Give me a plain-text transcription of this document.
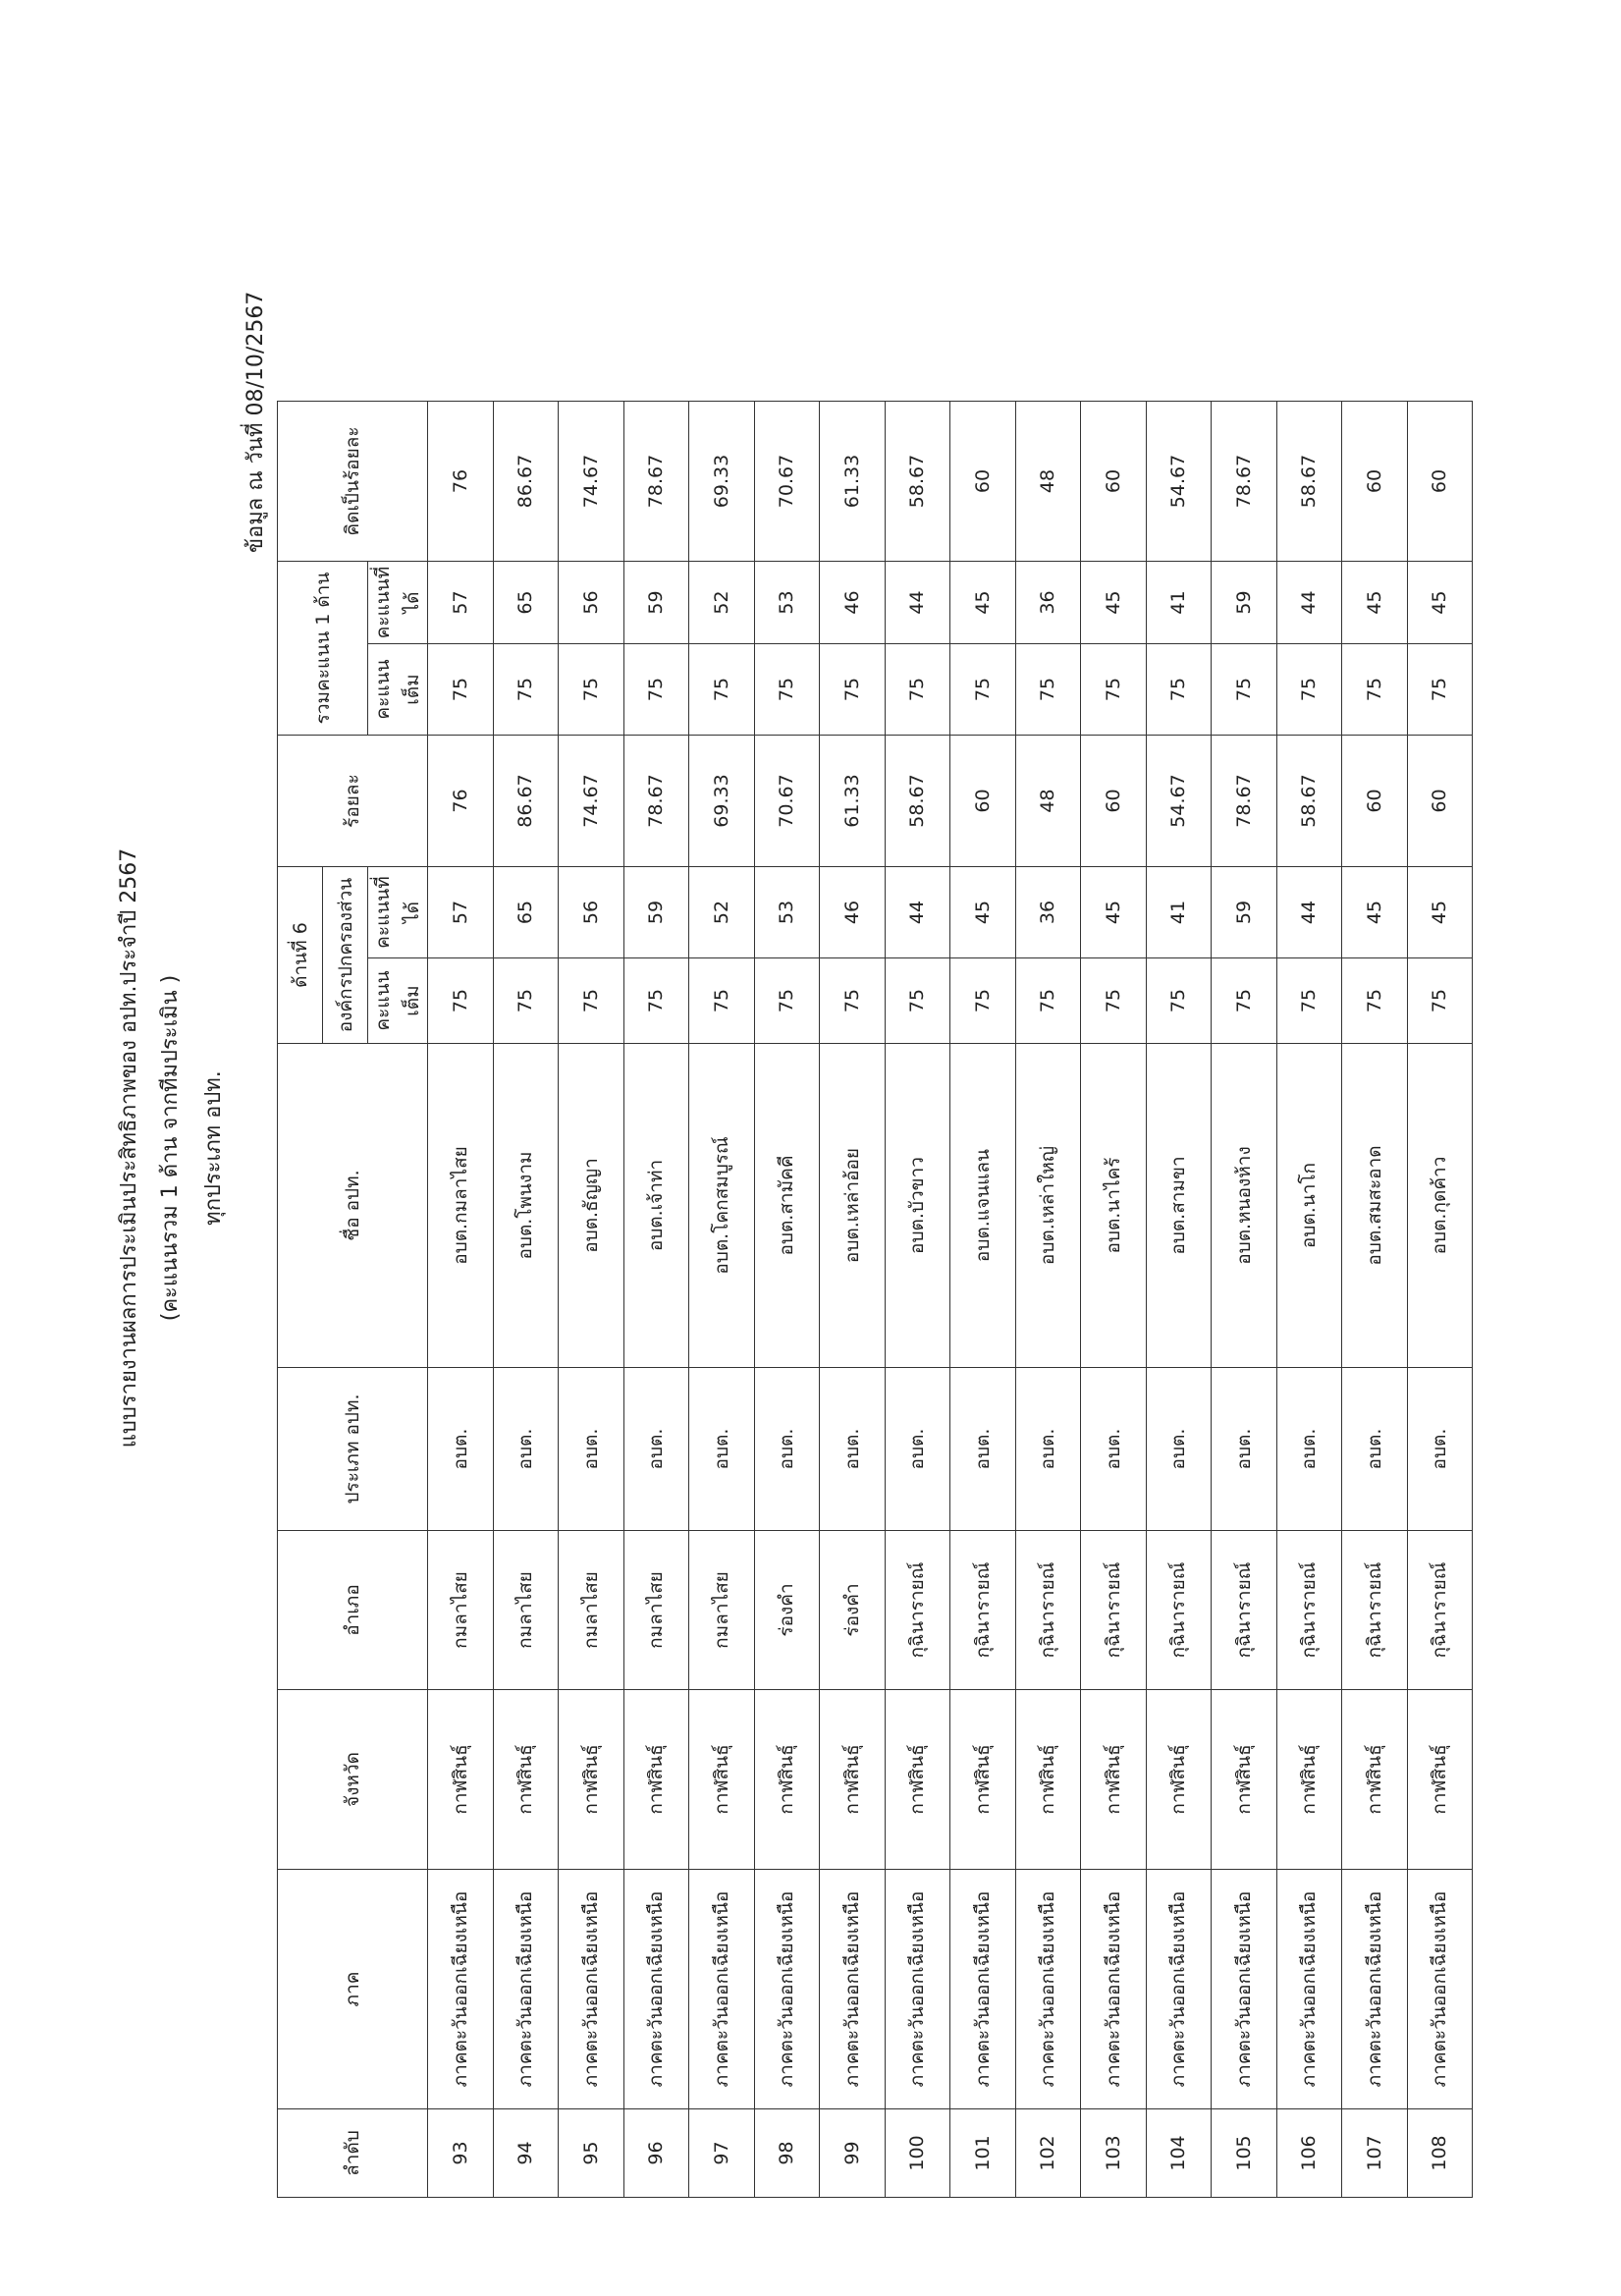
แบบรายงานผลการประเมินประสิทธิภาพของ อปท.ประจำปี 2567 (คะแนนรวม 1 ด้าน จากทีมประเมิน ) ทุกประเภท อปท.
ข้อมูล ณ วันที่ 08/10/2567
ลำดับ	ภาค	จังหวัด	อำเภอ	ประเภท อปท.	ชื่อ อปท.	ด้านที่ 6		ร้อยละ	รวมคะแนน 1 ด้าน		คิดเป็นร้อยละ
						องค์กรปกครองส่วน					
						คะแนนเต็ม	คะแนนที่ได้		คะแนนเต็ม	คะแนนที่ได้	
93	ภาคตะวันออกเฉียงเหนือ	กาฬสินธุ์	กมลาไสย	อบต.	อบต.กมลาไสย	75	57	76	75	57	76
94	ภาคตะวันออกเฉียงเหนือ	กาฬสินธุ์	กมลาไสย	อบต.	อบต.โพนงาม	75	65	86.67	75	65	86.67
95	ภาคตะวันออกเฉียงเหนือ	กาฬสินธุ์	กมลาไสย	อบต.	อบต.ธัญญา	75	56	74.67	75	56	74.67
96	ภาคตะวันออกเฉียงเหนือ	กาฬสินธุ์	กมลาไสย	อบต.	อบต.เจ้าท่า	75	59	78.67	75	59	78.67
97	ภาคตะวันออกเฉียงเหนือ	กาฬสินธุ์	กมลาไสย	อบต.	อบต.โคกสมบูรณ์	75	52	69.33	75	52	69.33
98	ภาคตะวันออกเฉียงเหนือ	กาฬสินธุ์	ร่องคำ	อบต.	อบต.สามัคคี	75	53	70.67	75	53	70.67
99	ภาคตะวันออกเฉียงเหนือ	กาฬสินธุ์	ร่องคำ	อบต.	อบต.เหล่าอ้อย	75	46	61.33	75	46	61.33
100	ภาคตะวันออกเฉียงเหนือ	กาฬสินธุ์	กุฉินารายณ์	อบต.	อบต.บัวขาว	75	44	58.67	75	44	58.67
101	ภาคตะวันออกเฉียงเหนือ	กาฬสินธุ์	กุฉินารายณ์	อบต.	อบต.แจนแลน	75	45	60	75	45	60
102	ภาคตะวันออกเฉียงเหนือ	กาฬสินธุ์	กุฉินารายณ์	อบต.	อบต.เหล่าใหญ่	75	36	48	75	36	48
103	ภาคตะวันออกเฉียงเหนือ	กาฬสินธุ์	กุฉินารายณ์	อบต.	อบต.นาไคร้	75	45	60	75	45	60
104	ภาคตะวันออกเฉียงเหนือ	กาฬสินธุ์	กุฉินารายณ์	อบต.	อบต.สามขา	75	41	54.67	75	41	54.67
105	ภาคตะวันออกเฉียงเหนือ	กาฬสินธุ์	กุฉินารายณ์	อบต.	อบต.หนองห้าง	75	59	78.67	75	59	78.67
106	ภาคตะวันออกเฉียงเหนือ	กาฬสินธุ์	กุฉินารายณ์	อบต.	อบต.นาโก	75	44	58.67	75	44	58.67
107	ภาคตะวันออกเฉียงเหนือ	กาฬสินธุ์	กุฉินารายณ์	อบต.	อบต.สมสะอาด	75	45	60	75	45	60
108	ภาคตะวันออกเฉียงเหนือ	กาฬสินธุ์	กุฉินารายณ์	อบต.	อบต.กุดค้าว	75	45	60	75	45	60
